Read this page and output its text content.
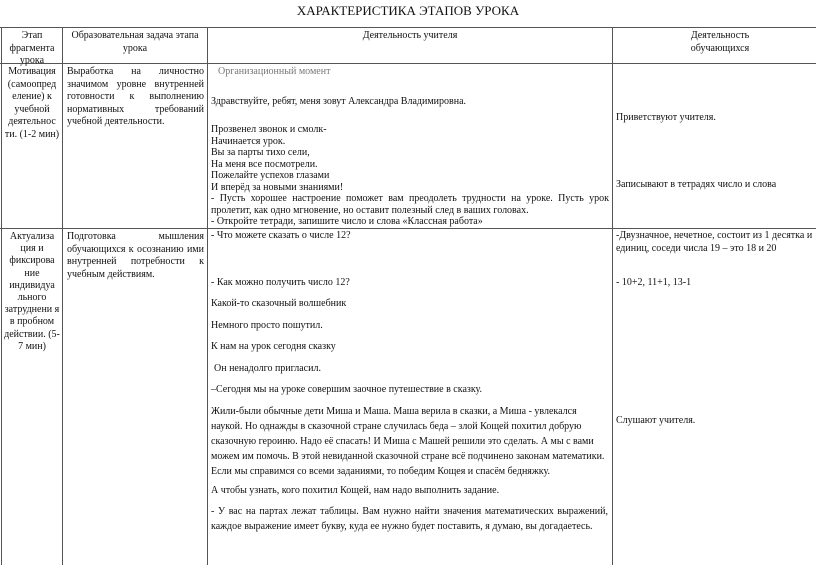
ХАРАКТЕРИСТИКА ЭТАПОВ УРОКА
Этап фрагмента урока
Образовательная задача этапа урока
Деятельность учителя	Деятельность обучающихся
Мотивация (самоопред еление) к учебной деятельнос ти. (1-2 мин)
Выработка на личностно значимом уровне внутренней готовности к выполнению нормативных требований учебной деятельности.
Организационный момент
Здравствуйте, ребят, меня зовут Александра Владимировна.
Прозвенел звонок и смолк-
Начинается урок.
Вы за парты тихо сели,
На меня все посмотрели.
Пожелайте успехов глазами
И вперёд за новыми знаниями!
- Пусть хорошее настроение поможет вам преодолеть трудности на уроке. Пусть урок пролетит, как одно мгновение, но оставит полезный след в ваших головах.
- Откройте тетради, запишите число и слова «Классная работа»
Приветствуют учителя.
Записывают в тетрадях число и слова
Актуализа ция и фиксирова ние индивидуа льного затруднени я в пробном действии. (5-7 мин)
Подготовка мышления обучающихся к осознанию ими внутренней потребности к учебным действиям.
- Что можете сказать о числе 12?
- Как можно получить число 12?
Какой-то сказочный волшебник
Немного просто пошутил.
К нам на урок сегодня сказку
Он ненадолго пригласил.
–Сегодня мы на уроке совершим заочное путешествие в сказку.
Жили-были обычные дети Миша и Маша. Маша верила в сказки, а Миша - увлекался наукой. Но однажды в сказочной стране случилась беда – злой Кощей похитил добрую сказочную героиню. Надо её спасать! И Миша с Машей решили это сделать. А мы с вами можем им помочь. В этой невиданной сказочной стране всё подчинено законам математики. Если мы справимся со всеми заданиями, то победим Кощея и спасём бедняжку.
А чтобы узнать, кого похитил Кощей, нам надо выполнить задание.
- У вас на партах лежат таблицы. Вам нужно найти значения математических выражений, каждое выражение имеет букву, куда ее нужно будет поставить, я думаю, вы догадаетесь.
-Двузначное, нечетное, состоит из 1 десятка и единиц, соседи числа 19 – это 18 и 20
- 10+2, 11+1, 13-1
Слушают учителя.
